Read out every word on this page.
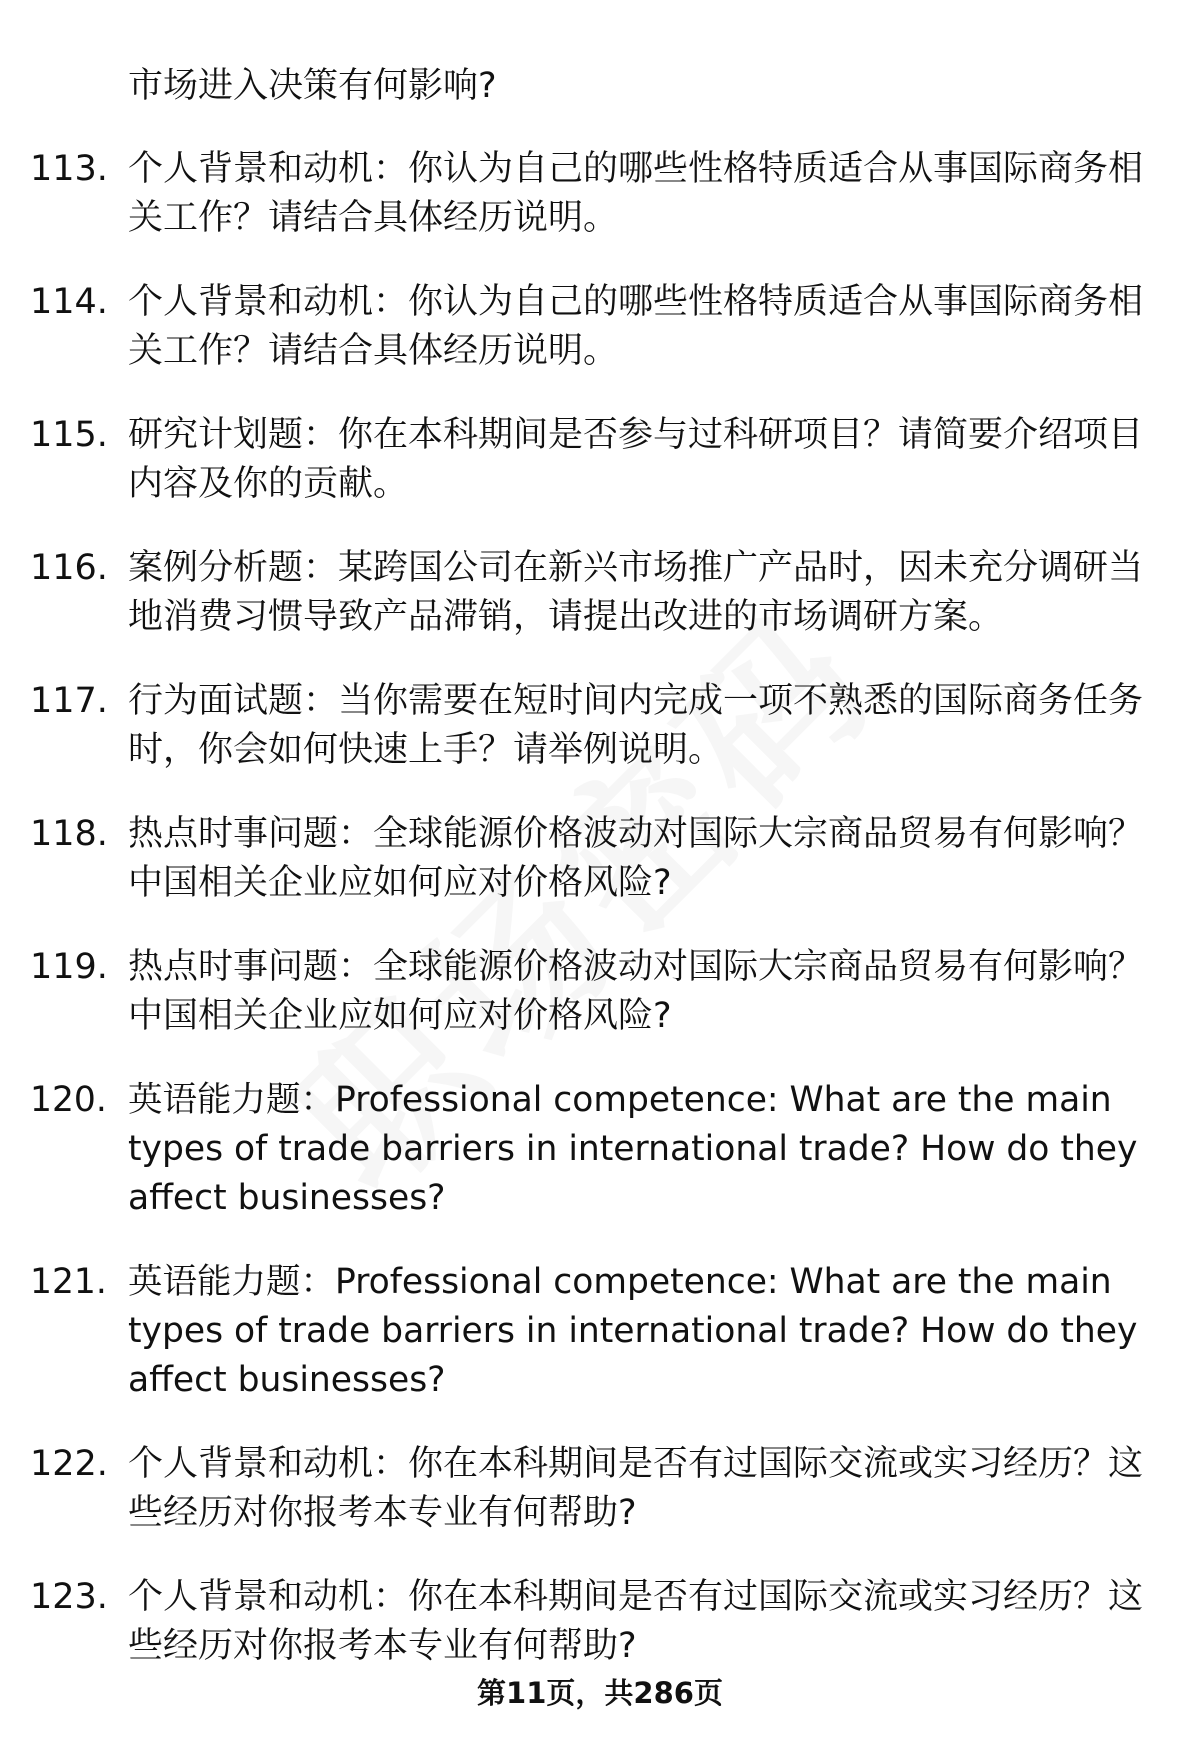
市场进入决策有何影响?
113. 个人背景和动机：你认为自己的哪些性格特质适合从事国际商务相关工作？请结合具体经历说明。
114. 个人背景和动机：你认为自己的哪些性格特质适合从事国际商务相关工作？请结合具体经历说明。
115. 研究计划题：你在本科期间是否参与过科研项目？请简要介绍项目内容及你的贡献。
116. 案例分析题：某跨国公司在新兴市场推广产品时，因未充分调研当地消费习惯导致产品滞销，请提出改进的市场调研方案。
117. 行为面试题：当你需要在短时间内完成一项不熟悉的国际商务任务时，你会如何快速上手？请举例说明。
118. 热点时事问题：全球能源价格波动对国际大宗商品贸易有何影响？中国相关企业应如何应对价格风险?
119. 热点时事问题：全球能源价格波动对国际大宗商品贸易有何影响？中国相关企业应如何应对价格风险?
120. 英语能力题：Professional competence: What are the main types of trade barriers in international trade? How do they affect businesses?
121. 英语能力题：Professional competence: What are the main types of trade barriers in international trade? How do they affect businesses?
122. 个人背景和动机：你在本科期间是否有过国际交流或实习经历？这些经历对你报考本专业有何帮助?
123. 个人背景和动机：你在本科期间是否有过国际交流或实习经历？这些经历对你报考本专业有何帮助?
第11页，共286页
